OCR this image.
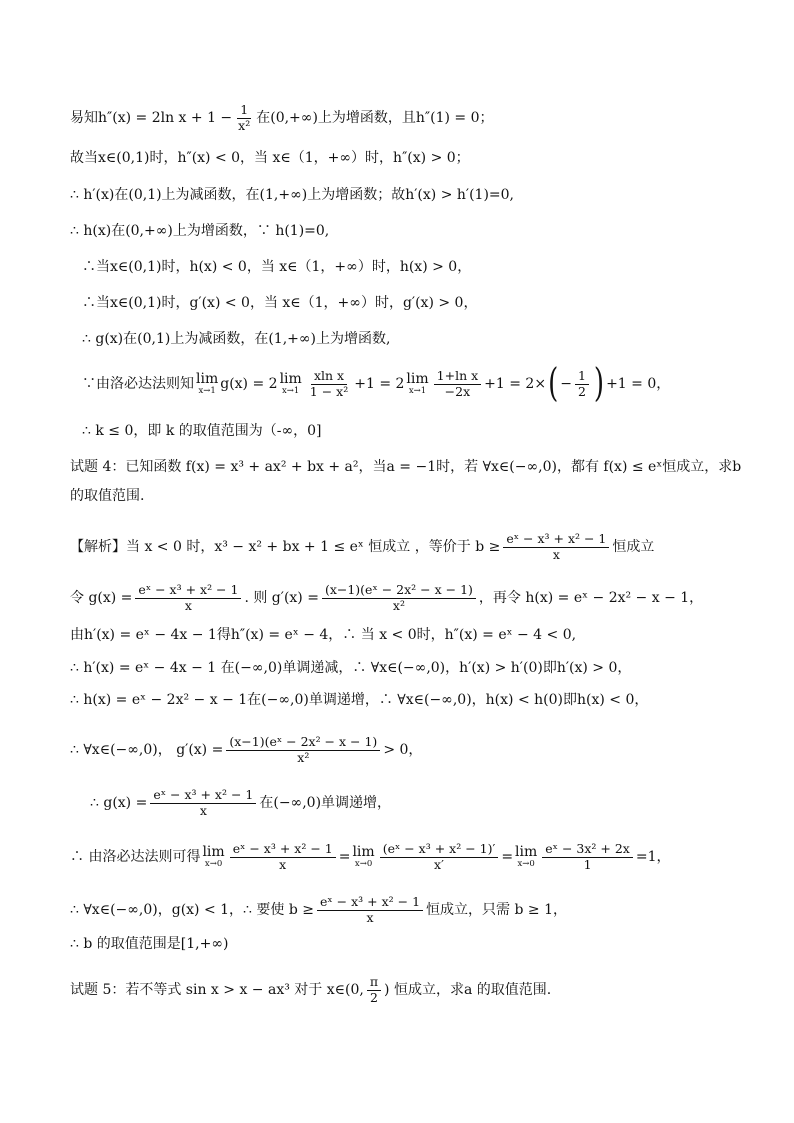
易知h″(x) = 2ln $x + 1 - \frac{1}{\text{x²}}$ 在(0,+∞)上为增函数，且h″(1) = 0；
故当x∈(0,1)时，h″(x) < 0，当 x∈（1，+∞）时，h″(x) > 0；
∴ h′(x)在(0,1)上为减函数，在(1,+∞)上为增函数；故h′(x) > h′(1)=0,
∴ h(x)在(0,+∞)上为增函数，∵ h(1)=0,
∴当x∈(0,1)时，h(x) < 0，当 x∈（1，+∞）时，h(x) > 0，
∴当x∈(0,1)时，g′(x) < 0，当 x∈（1，+∞）时，g′(x) > 0，
∴ g(x)在(0,1)上为减函数，在(1,+∞)上为增函数,
∵由洛必达法则知 lim
x→1 g(x) = 2 lim
$x\to 1 \frac{\text{xln x}}{\text{1 − x²}} +1 = 2$ lim
$x\to 1 \frac{\text{1+ln x}}{-2x} +1 = 2\times$ ( − $\frac{1}{2}$ ) +1 = 0，
∴ k ≤ 0，即 k 的取值范围为（-∞，0]
试题 4：已知函数 f(x) = x³ + ax² + bx + a²，当a = −1时，若 ∀x∈(−∞,0)，都有 f(x) ≤ eˣ恒成立，求b
的取值范围.
【解析】当 x < 0 时，x³ − x² + bx + 1 ≤ eˣ 恒成立 ，等价于 $b \ge \frac{\text{eˣ − x³ + x² − 1}}{x}$ 恒成立
令 $g(x) = \frac{\text{eˣ − x³ + x² − 1}}{x}$ . 则 $g'(x) = \frac{\text{(x−1)(eˣ − 2x² − x − 1)}}{\text{x²}}$ ，再令 h(x) = eˣ − 2x² − x − 1，
由h′(x) = eˣ − 4x − 1得h″(x) = eˣ − 4，∴ 当 x < 0时，h″(x) = eˣ − 4 < 0,
∴ h′(x) = eˣ − 4x − 1 在(−∞,0)单调递减，∴ ∀x∈(−∞,0)，h′(x) > h′(0)即h′(x) > 0，
∴ h(x) = eˣ − 2x² − x − 1在(−∞,0)单调递增，∴ ∀x∈(−∞,0)，h(x) < h(0)即h(x) < 0，
∴ ∀x∈(−∞,0)， $g'(x) = \frac{\text{(x−1)(eˣ − 2x² − x − 1)}}{\text{x²}} > 0$，
∴ $g(x) = \frac{\text{eˣ − x³ + x² − 1}}{x}$ 在(−∞,0)单调递增，
∴ 由洛必达法则可得 lim
$x\to 0 \frac{\text{eˣ − x³ + x² − 1}}{x} = \lim$
$x\to 0 \frac{\text{(eˣ − x³ + x² − 1)′}}{x'} = \lim$
$x\to 0 \frac{\text{eˣ − 3x² + 2x}}{1} =1$，
∴ ∀x∈(−∞,0)，g(x) < 1，∴ 要使 $b \ge \frac{\text{eˣ − x³ + x² − 1}}{x}$ 恒成立，只需 b ≥ 1，
∴ b 的取值范围是[1,+∞)
试题 5：若不等式 sin x > x − ax³ 对于 x∈(0, $\frac{\pi}{2}$ ) 恒成立，求a 的取值范围.
